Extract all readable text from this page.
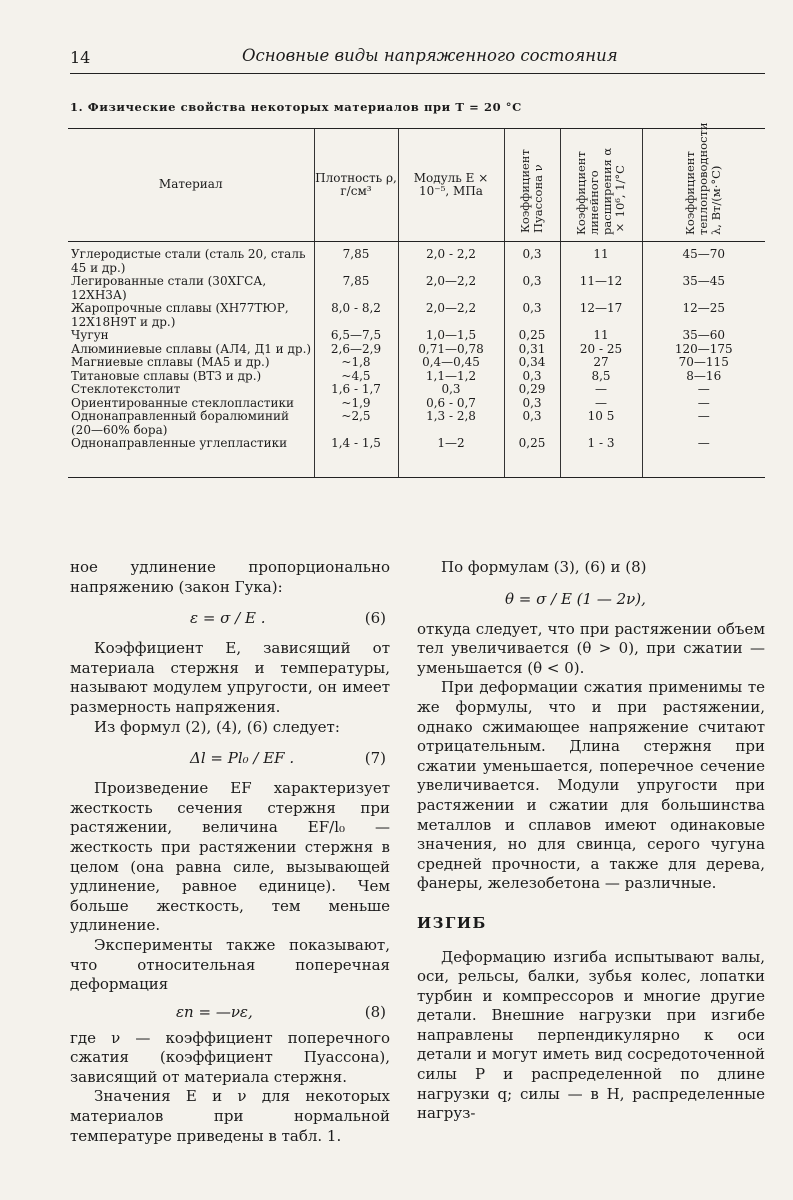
14	Основные виды напряженного состояния
1. Физические свойства некоторых материалов при T = 20 °C
Материал	Плотность ρ, г/см³	Модуль E × 10⁻⁵, МПа	Коэффициент Пуассона ν	Коэффициент линейного расширения α × 10⁶, 1/°C	Коэффициент теплопроводности λ, Вт/(м·°C)
Углеродистые стали (сталь 20, сталь 45 и др.)	7,85	2,0 - 2,2	0,3	11	45—70
Легированные стали (30ХГСА, 12ХН3А)	7,85	2,0—2,2	0,3	11—12	35—45
Жаропрочные сплавы (ХН77ТЮР, 12Х18Н9Т и др.)	8,0 - 8,2	2,0—2,2	0,3	12—17	12—25
Чугун	6,5—7,5	1,0—1,5	0,25	11	35—60
Алюминиевые сплавы (АЛ4, Д1 и др.)	2,6—2,9	0,71—0,78	0,31	20 - 25	120—175
Магниевые сплавы (МА5 и др.)	~1,8	0,4—0,45	0,34	27	70—115
Титановые сплавы (ВТ3 и др.)	~4,5	1,1—1,2	0,3	8,5	8—16
Стеклотекстолит	1,6 - 1,7	0,3	0,29	—	—
Ориентированные стеклопластики	~1,9	0,6 - 0,7	0,3	—	—
Однонаправленный боралюминий (20—60% бора)	~2,5	1,3 - 2,8	0,3	10 5	—
Однонаправленные углепластики	1,4 - 1,5	1—2	0,25	1 - 3	—

ное удлинение пропорционально напряжению (закон Гука):

ε = σ / E .	(6)

Коэффициент E, зависящий от материала стержня и температуры, называют модулем упругости, он имеет размерность напряжения.

Из формул (2), (4), (6) следует:

Δl = Pl₀ / EF .	(7)

Произведение EF характеризует жесткость сечения стержня при растяжении, величина EF/l₀ — жесткость при растяжении стержня в целом (она равна силе, вызывающей удлинение, равное единице). Чем больше жесткость, тем меньше удлинение.

Эксперименты также показывают, что относительная поперечная деформация

εп = —νε,	(8)

где ν — коэффициент поперечного сжатия (коэффициент Пуассона), зависящий от материала стержня.

Значения E и ν для некоторых материалов при нормальной температуре приведены в табл. 1.

По формулам (3), (6) и (8)

θ = σ / E (1 — 2ν),

откуда следует, что при растяжении объем тел увеличивается (θ > 0), при сжатии — уменьшается (θ < 0).

При деформации сжатия применимы те же формулы, что и при растяжении, однако сжимающее напряжение считают отрицательным. Длина стержня при сжатии уменьшается, поперечное сечение увеличивается. Модули упругости при растяжении и сжатии для большинства металлов и сплавов имеют одинаковые значения, но для свинца, серого чугуна средней прочности, а также для дерева, фанеры, железобетона — различные.

ИЗГИБ

Деформацию изгиба испытывают валы, оси, рельсы, балки, зубья колес, лопатки турбин и компрессоров и многие другие детали. Внешние нагрузки при изгибе направлены перпендикулярно к оси детали и могут иметь вид сосредоточенной силы P и распределенной по длине нагрузки q; силы — в Н, распределенные нагруз-
